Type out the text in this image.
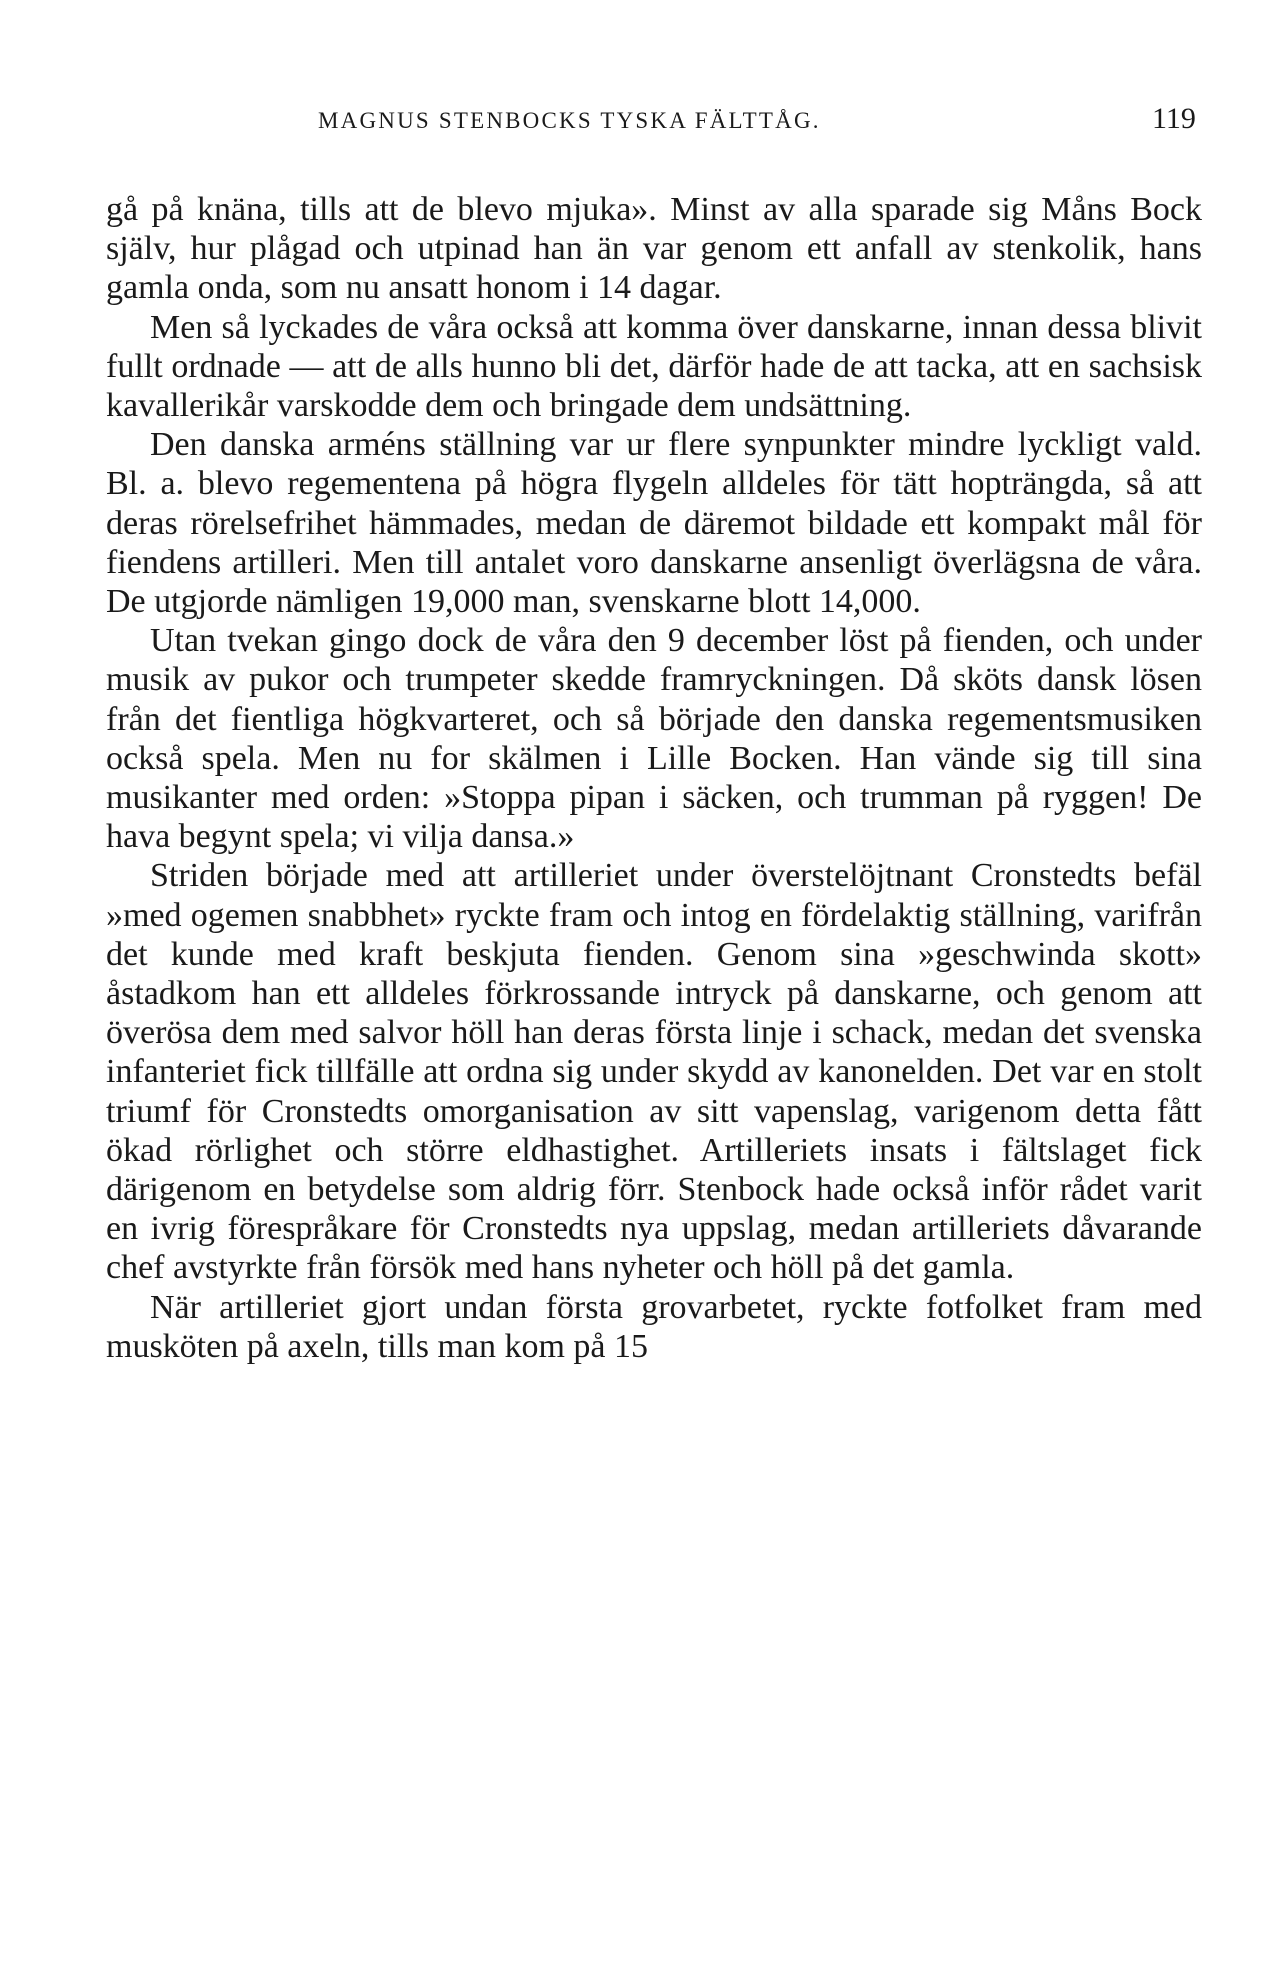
MAGNUS STENBOCKS TYSKA FÄLTTÅG.	119

gå på knäna, tills att de blevo mjuka». Minst av alla sparade sig Måns Bock själv, hur plågad och utpinad han än var genom ett anfall av stenkolik, hans gamla onda, som nu ansatt honom i 14 dagar.

Men så lyckades de våra också att komma över danskarne, innan dessa blivit fullt ordnade — att de alls hunno bli det, därför hade de att tacka, att en sachsisk kavallerikår varskodde dem och bringade dem undsättning.

Den danska arméns ställning var ur flere synpunkter mindre lyckligt vald. Bl. a. blevo regementena på högra flygeln alldeles för tätt hopträngda, så att deras rörelsefrihet hämmades, medan de däremot bildade ett kompakt mål för fiendens artilleri. Men till antalet voro danskarne ansenligt överlägsna de våra. De utgjorde nämligen 19,000 man, svenskarne blott 14,000.

Utan tvekan gingo dock de våra den 9 december löst på fienden, och under musik av pukor och trumpeter skedde framryckningen. Då sköts dansk lösen från det fientliga högkvarteret, och så började den danska regementsmusiken också spela. Men nu for skälmen i Lille Bocken. Han vände sig till sina musikanter med orden: »Stoppa pipan i säcken, och trumman på ryggen! De hava begynt spela; vi vilja dansa.»

Striden började med att artilleriet under överstelöjtnant Cronstedts befäl »med ogemen snabbhet» ryckte fram och intog en fördelaktig ställning, varifrån det kunde med kraft beskjuta fienden. Genom sina »geschwinda skott» åstadkom han ett alldeles förkrossande intryck på danskarne, och genom att överösa dem med salvor höll han deras första linje i schack, medan det svenska infanteriet fick tillfälle att ordna sig under skydd av kanonelden. Det var en stolt triumf för Cronstedts omorganisation av sitt vapenslag, varigenom detta fått ökad rörlighet och större eldhastighet. Artilleriets insats i fältslaget fick därigenom en betydelse som aldrig förr. Stenbock hade också inför rådet varit en ivrig förespråkare för Cronstedts nya uppslag, medan artilleriets dåvarande chef avstyrkte från försök med hans nyheter och höll på det gamla.

När artilleriet gjort undan första grovarbetet, ryckte fotfolket fram med musköten på axeln, tills man kom på 15
